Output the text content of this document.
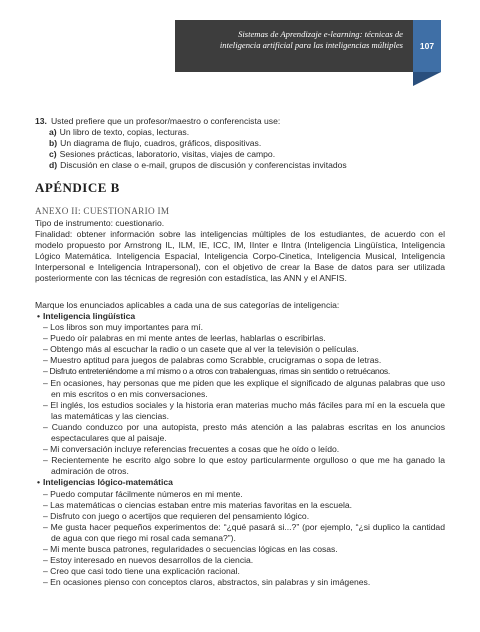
Sistemas de Aprendizaje e-learning: técnicas de
inteligencia artificial para las inteligencias múltiples 107
13. Usted prefiere que un profesor/maestro o conferencista use:
a) Un libro de texto, copias, lecturas.
b) Un diagrama de flujo, cuadros, gráficos, dispositivas.
c) Sesiones prácticas, laboratorio, visitas, viajes de campo.
d) Discusión en clase o e-mail, grupos de discusión y conferencistas invitados
APÉNDICE B
ANEXO II: CUESTIONARIO IM
Tipo de instrumento: cuestionario.
Finalidad: obtener información sobre las inteligencias múltiples de los estudiantes, de acuerdo con el modelo propuesto por Arnstrong IL, ILM, IE, ICC, IM, IInter e IIntra (Inteligencia Lingüística, Inteligencia Lógico Matemática. Inteligencia Espacial, Inteligencia Corpo-Cinetica, Inteligencia Musical, Inteligencia Interpersonal e Inteligencia Intrapersonal), con el objetivo de crear la Base de datos para ser utilizada posteriormente con las técnicas de regresión con estadística, las ANN y el ANFIS.
Marque los enunciados aplicables a cada una de sus categorías de inteligencia:
• Inteligencia lingüística
– Los libros son muy importantes para mí.
– Puedo oír palabras en mi mente antes de leerlas, hablarlas o escribirlas.
– Obtengo más al escuchar la radio o un casete que al ver la televisión o películas.
– Muestro aptitud para juegos de palabras como Scrabble, crucigramas o sopa de letras.
– Disfruto entreteniéndome a mí mismo o a otros con trabalenguas, rimas sin sentido o retruécanos.
– En ocasiones, hay personas que me piden que les explique el significado de algunas palabras que uso en mis escritos o en mis conversaciones.
– El inglés, los estudios sociales y la historia eran materias mucho más fáciles para mí en la escuela que las matemáticas y las ciencias.
– Cuando conduzco por una autopista, presto más atención a las palabras escritas en los anuncios espectaculares que al paisaje.
– Mi conversación incluye referencias frecuentes a cosas que he oído o leído.
– Recientemente he escrito algo sobre lo que estoy particularmente orgulloso o que me ha ganado la admiración de otros.
• Inteligencias lógico-matemática
– Puedo computar fácilmente números en mi mente.
– Las matemáticas o ciencias estaban entre mis materias favoritas en la escuela.
– Disfruto con juego o acertijos que requieren del pensamiento lógico.
– Me gusta hacer pequeños experimentos de: “¿qué pasará si...?” (por ejemplo, “¿si duplico la cantidad de agua con que riego mi rosal cada semana?”).
– Mi mente busca patrones, regularidades o secuencias lógicas en las cosas.
– Estoy interesado en nuevos desarrollos de la ciencia.
– Creo que casi todo tiene una explicación racional.
– En ocasiones pienso con conceptos claros, abstractos, sin palabras y sin imágenes.
